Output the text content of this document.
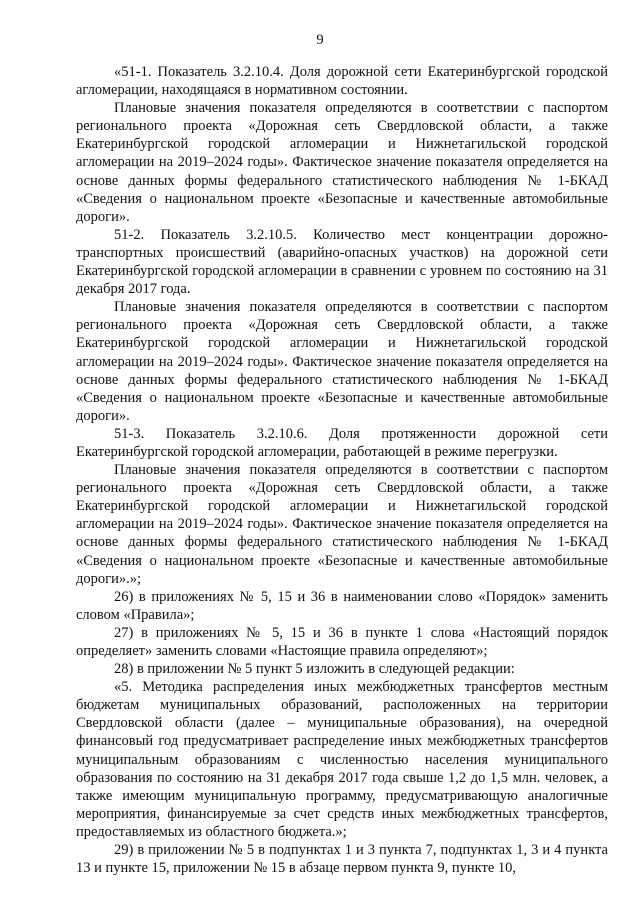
9

«51-1. Показатель 3.2.10.4. Доля дорожной сети Екатеринбургской городской агломерации, находящаяся в нормативном состоянии.

Плановые значения показателя определяются в соответствии с паспортом регионального проекта «Дорожная сеть Свердловской области, а также Екатеринбургской городской агломерации и Нижнетагильской городской агломерации на 2019–2024 годы». Фактическое значение показателя определяется на основе данных формы федерального статистического наблюдения № 1-БКАД «Сведения о национальном проекте «Безопасные и качественные автомобильные дороги».

51-2. Показатель 3.2.10.5. Количество мест концентрации дорожно-транспортных происшествий (аварийно-опасных участков) на дорожной сети Екатеринбургской городской агломерации в сравнении с уровнем по состоянию на 31 декабря 2017 года.

Плановые значения показателя определяются в соответствии с паспортом регионального проекта «Дорожная сеть Свердловской области, а также Екатеринбургской городской агломерации и Нижнетагильской городской агломерации на 2019–2024 годы». Фактическое значение показателя определяется на основе данных формы федерального статистического наблюдения № 1-БКАД «Сведения о национальном проекте «Безопасные и качественные автомобильные дороги».

51-3. Показатель 3.2.10.6. Доля протяженности дорожной сети Екатеринбургской городской агломерации, работающей в режиме перегрузки.

Плановые значения показателя определяются в соответствии с паспортом регионального проекта «Дорожная сеть Свердловской области, а также Екатеринбургской городской агломерации и Нижнетагильской городской агломерации на 2019–2024 годы». Фактическое значение показателя определяется на основе данных формы федерального статистического наблюдения № 1-БКАД «Сведения о национальном проекте «Безопасные и качественные автомобильные дороги».»;

26) в приложениях № 5, 15 и 36 в наименовании слово «Порядок» заменить словом «Правила»;

27) в приложениях № 5, 15 и 36 в пункте 1 слова «Настоящий порядок определяет» заменить словами «Настоящие правила определяют»;

28) в приложении № 5 пункт 5 изложить в следующей редакции:

«5. Методика распределения иных межбюджетных трансфертов местным бюджетам муниципальных образований, расположенных на территории Свердловской области (далее – муниципальные образования), на очередной финансовый год предусматривает распределение иных межбюджетных трансфертов муниципальным образованиям с численностью населения муниципального образования по состоянию на 31 декабря 2017 года свыше 1,2 до 1,5 млн. человек, а также имеющим муниципальную программу, предусматривающую аналогичные мероприятия, финансируемые за счет средств иных межбюджетных трансфертов, предоставляемых из областного бюджета.»;

29) в приложении № 5 в подпунктах 1 и 3 пункта 7, подпунктах 1, 3 и 4 пункта 13 и пункте 15, приложении № 15 в абзаце первом пункта 9, пункте 10,
